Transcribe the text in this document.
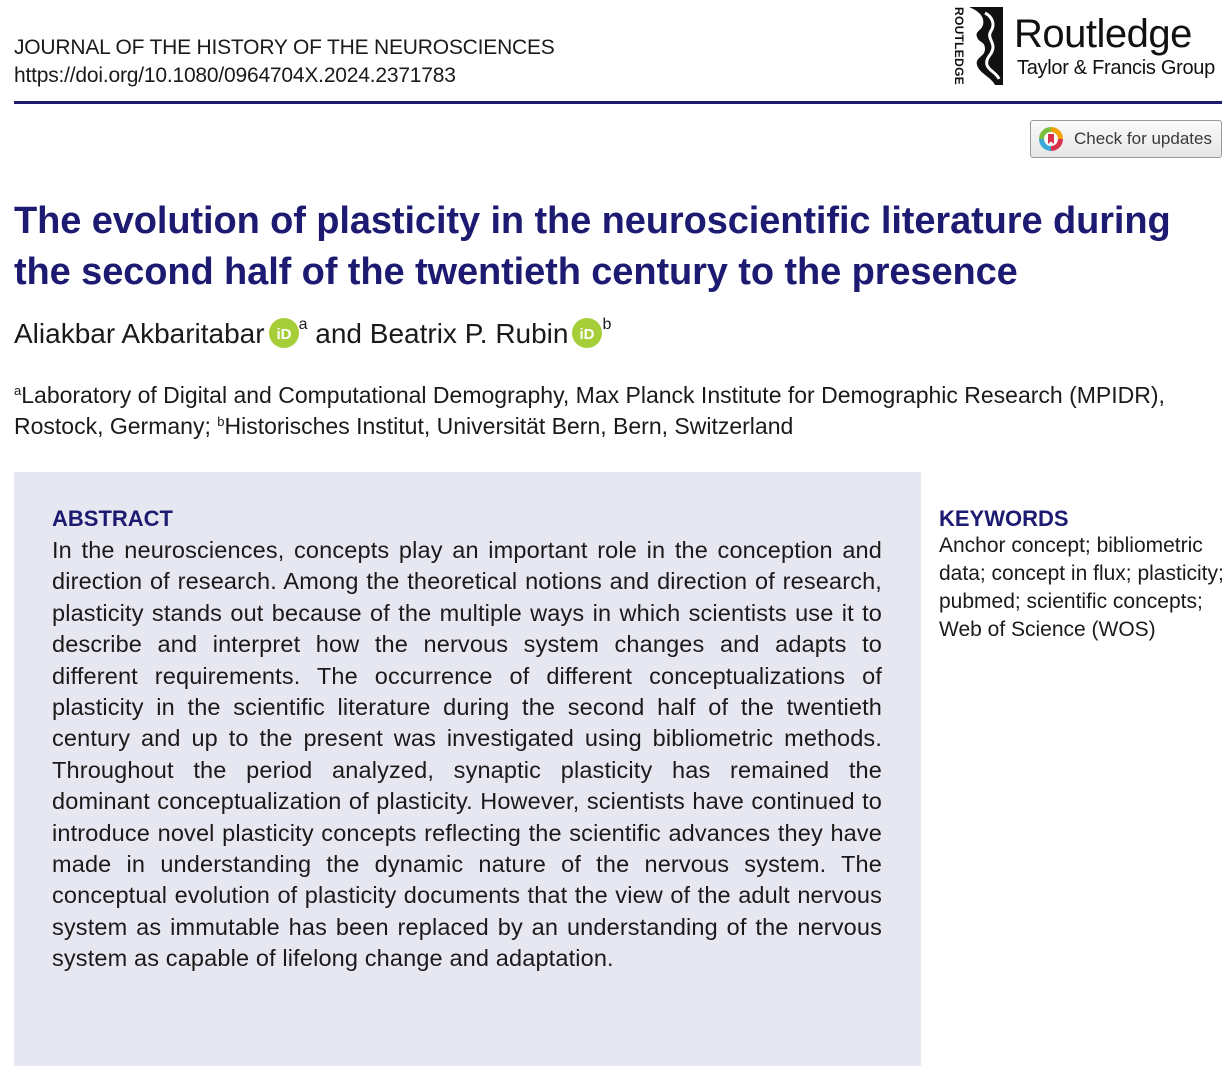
JOURNAL OF THE HISTORY OF THE NEUROSCIENCES
https://doi.org/10.1080/0964704X.2024.2371783	ROUTLEDGE Routledge
Taylor & Francis Group
Check for updates
The evolution of plasticity in the neuroscientific literature during the second half of the twentieth century to the presence
Aliakbar Akbaritabar iD
$^a$ and Beatrix P. Rubin iD
$^b$

$^a$Laboratory of Digital and Computational Demography, Max Planck Institute for Demographic Research (MPIDR), Rostock, Germany; $^b$Historisches Institut, Universität Bern, Bern, Switzerland

ABSTRACT

In the neurosciences, concepts play an important role in the conception and direction of research. Among the theoretical notions and direction of research, plasticity stands out because of the multiple ways in which scientists use it to describe and interpret how the nervous system changes and adapts to different requirements. The occurrence of different conceptualizations of plasticity in the scientific literature during the second half of the twentieth century and up to the present was investigated using bibliometric methods. Throughout the period analyzed, synaptic plasticity has remained the dominant conceptualization of plasticity. However, scientists have continued to introduce novel plasticity concepts reflecting the scientific advances they have made in understanding the dynamic nature of the nervous system. The conceptual evolution of plasticity documents that the view of the adult nervous system as immutable has been replaced by an understanding of the nervous system as capable of lifelong change and adaptation.

KEYWORDS

Anchor concept; bibliometric data; concept in flux; plasticity; pubmed; scientific concepts; Web of Science (WOS)
